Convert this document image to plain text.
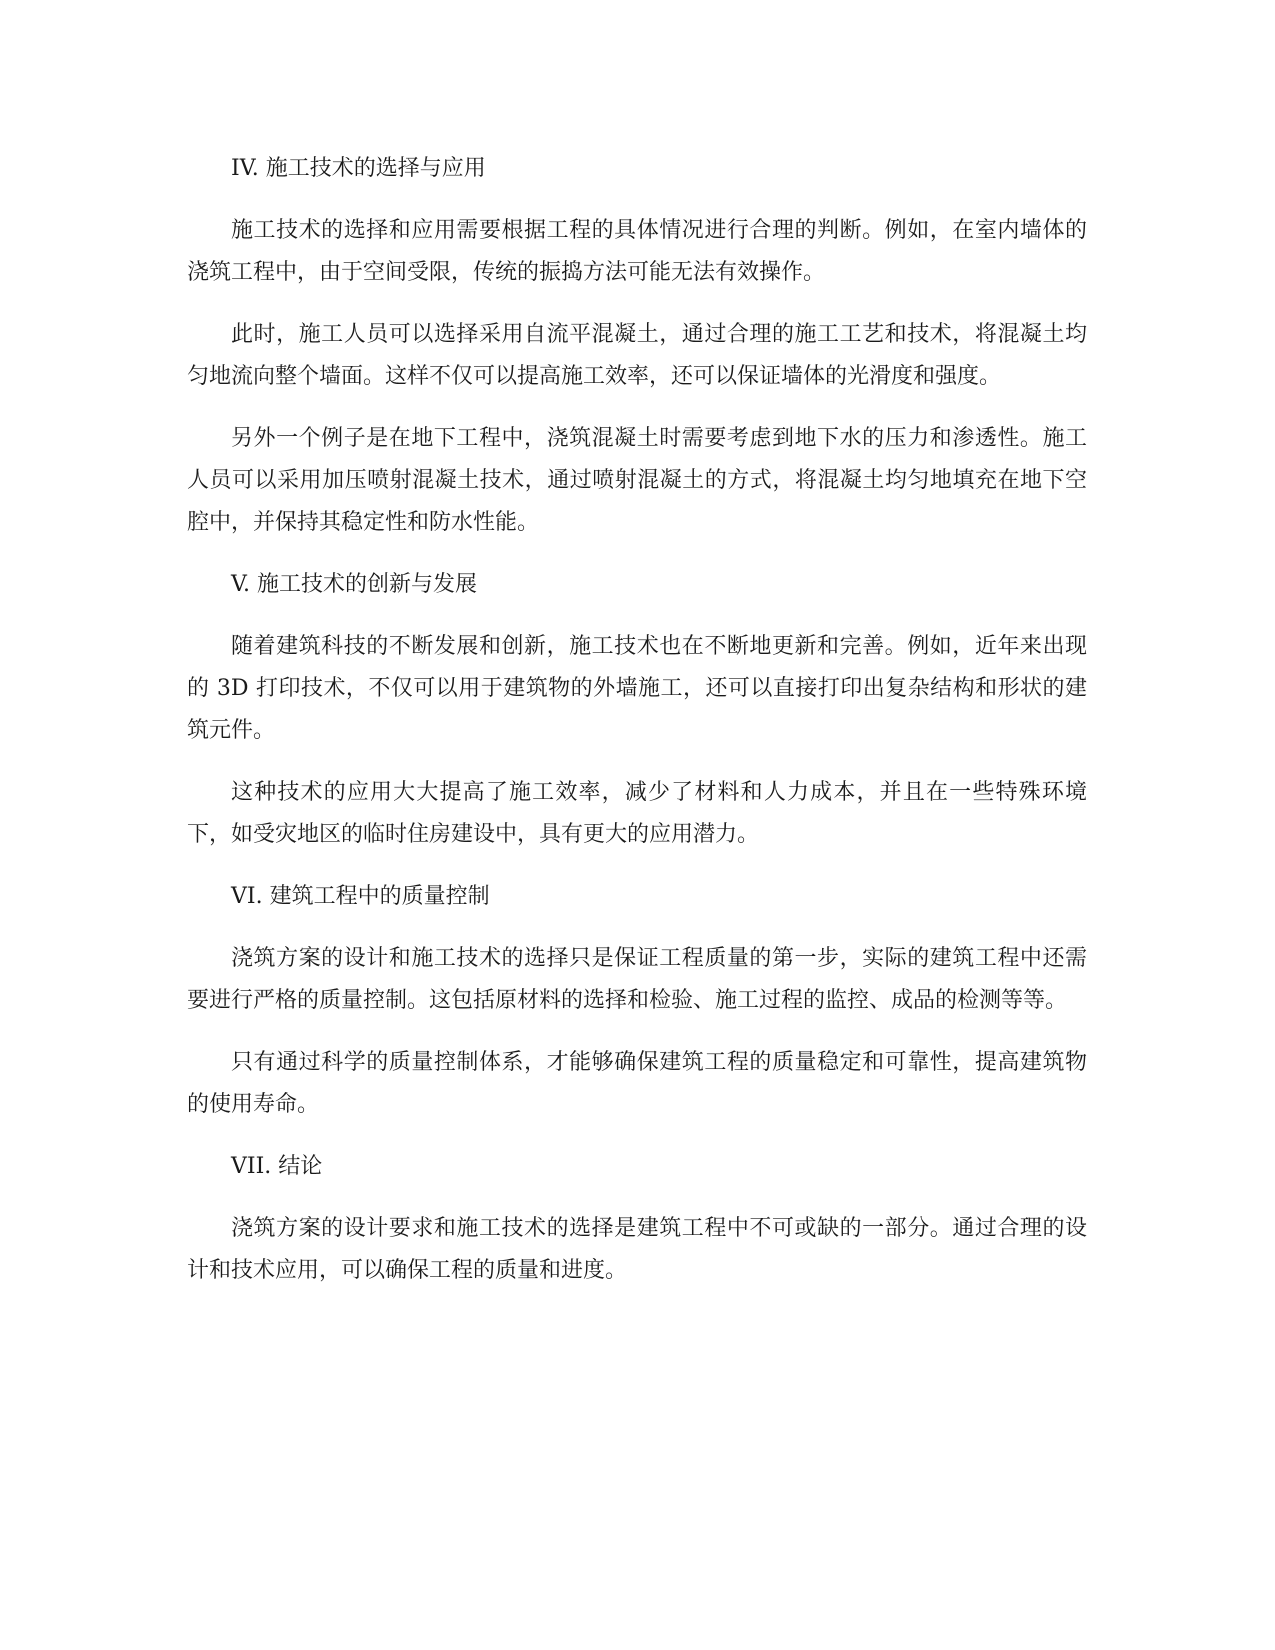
IV. 施工技术的选择与应用

施工技术的选择和应用需要根据工程的具体情况进行合理的判断。例如，在室内墙体的浇筑工程中，由于空间受限，传统的振捣方法可能无法有效操作。

此时，施工人员可以选择采用自流平混凝土，通过合理的施工工艺和技术，将混凝土均匀地流向整个墙面。这样不仅可以提高施工效率，还可以保证墙体的光滑度和强度。

另外一个例子是在地下工程中，浇筑混凝土时需要考虑到地下水的压力和渗透性。施工人员可以采用加压喷射混凝土技术，通过喷射混凝土的方式，将混凝土均匀地填充在地下空腔中，并保持其稳定性和防水性能。

V. 施工技术的创新与发展

随着建筑科技的不断发展和创新，施工技术也在不断地更新和完善。例如，近年来出现的 3D 打印技术，不仅可以用于建筑物的外墙施工，还可以直接打印出复杂结构和形状的建筑元件。

这种技术的应用大大提高了施工效率，减少了材料和人力成本，并且在一些特殊环境下，如受灾地区的临时住房建设中，具有更大的应用潜力。

VI. 建筑工程中的质量控制

浇筑方案的设计和施工技术的选择只是保证工程质量的第一步，实际的建筑工程中还需要进行严格的质量控制。这包括原材料的选择和检验、施工过程的监控、成品的检测等等。

只有通过科学的质量控制体系，才能够确保建筑工程的质量稳定和可靠性，提高建筑物的使用寿命。

VII. 结论

浇筑方案的设计要求和施工技术的选择是建筑工程中不可或缺的一部分。通过合理的设计和技术应用，可以确保工程的质量和进度。
